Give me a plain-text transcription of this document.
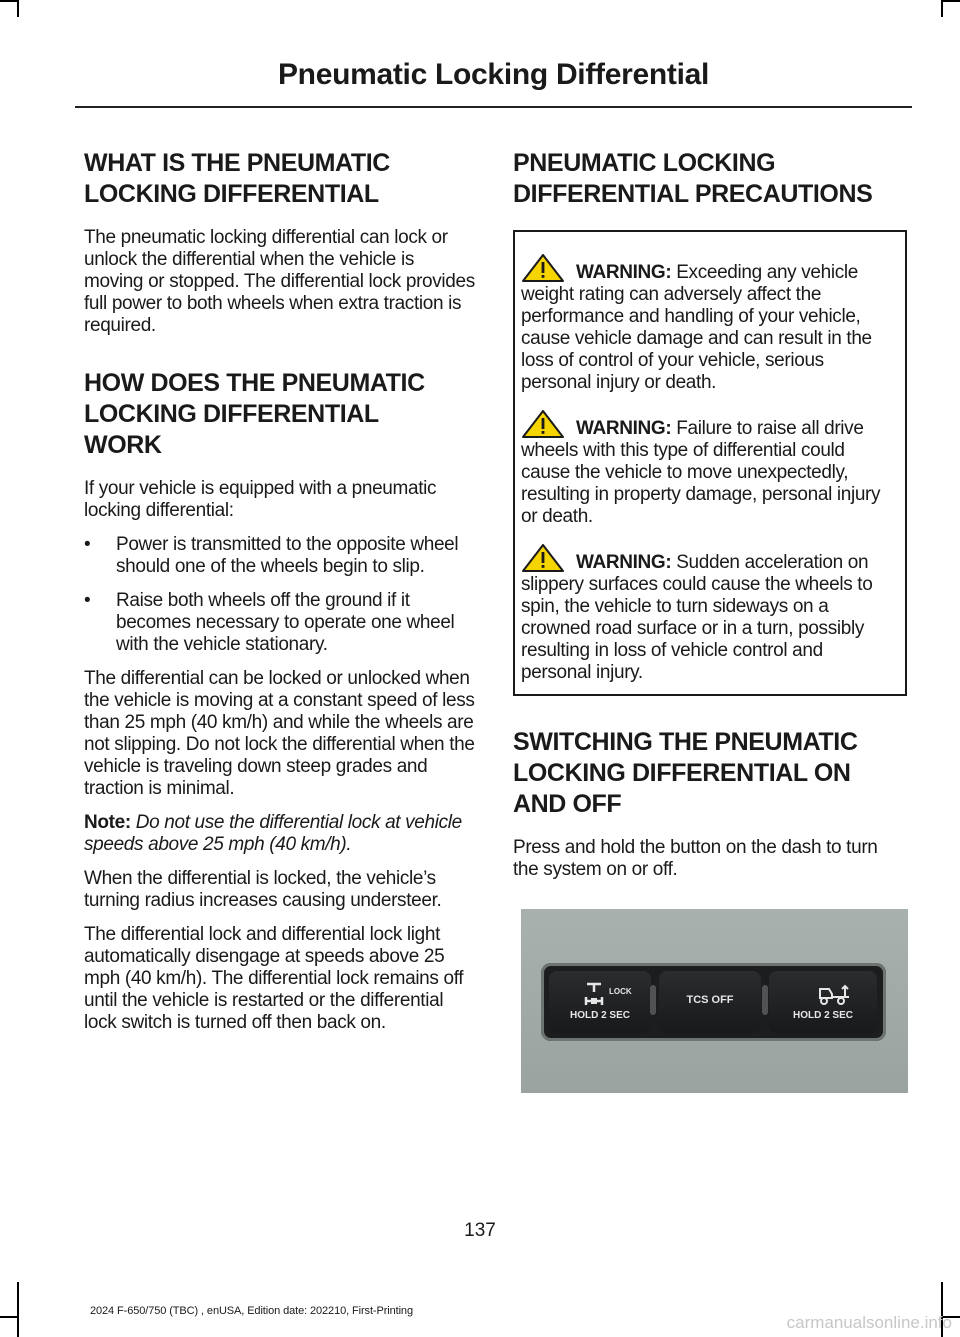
Pneumatic Locking Differential
WHAT IS THE PNEUMATIC
LOCKING DIFFERENTIAL

The pneumatic locking differential can lock or unlock the differential when the vehicle is moving or stopped. The differential lock provides full power to both wheels when extra traction is required.

HOW DOES THE PNEUMATIC
LOCKING DIFFERENTIAL
WORK

If your vehicle is equipped with a pneumatic locking differential:

• Power is transmitted to the opposite wheel should one of the wheels begin to slip.
• Raise both wheels off the ground if it becomes necessary to operate one wheel with the vehicle stationary.

The differential can be locked or unlocked when the vehicle is moving at a constant speed of less than 25 mph (40 km/h) and while the wheels are not slipping. Do not lock the differential when the vehicle is traveling down steep grades and traction is minimal.

Note: Do not use the differential lock at vehicle speeds above 25 mph (40 km/h).

When the differential is locked, the vehicle’s turning radius increases causing understeer.

The differential lock and differential lock light automatically disengage at speeds above 25 mph (40 km/h). The differential lock remains off until the vehicle is restarted or the differential lock switch is turned off then back on.

PNEUMATIC LOCKING
DIFFERENTIAL PRECAUTIONS
WARNING: Exceeding any vehicle weight rating can adversely affect the performance and handling of your vehicle, cause vehicle damage and can result in the loss of control of your vehicle, serious personal injury or death.
WARNING: Failure to raise all drive wheels with this type of differential could cause the vehicle to move unexpectedly, resulting in property damage, personal injury or death.
WARNING: Sudden acceleration on slippery surfaces could cause the wheels to spin, the vehicle to turn sideways on a crowned road surface or in a turn, possibly resulting in loss of vehicle control and personal injury.
SWITCHING THE PNEUMATIC
LOCKING DIFFERENTIAL ON
AND OFF

Press and hold the button on the dash to turn the system on or off.

LOCK
HOLD 2 SEC
TCS OFF
HOLD 2 SEC
137
2024 F-650/750 (TBC) , enUSA, Edition date: 202210, First-Printing
carmanualsonline.info
